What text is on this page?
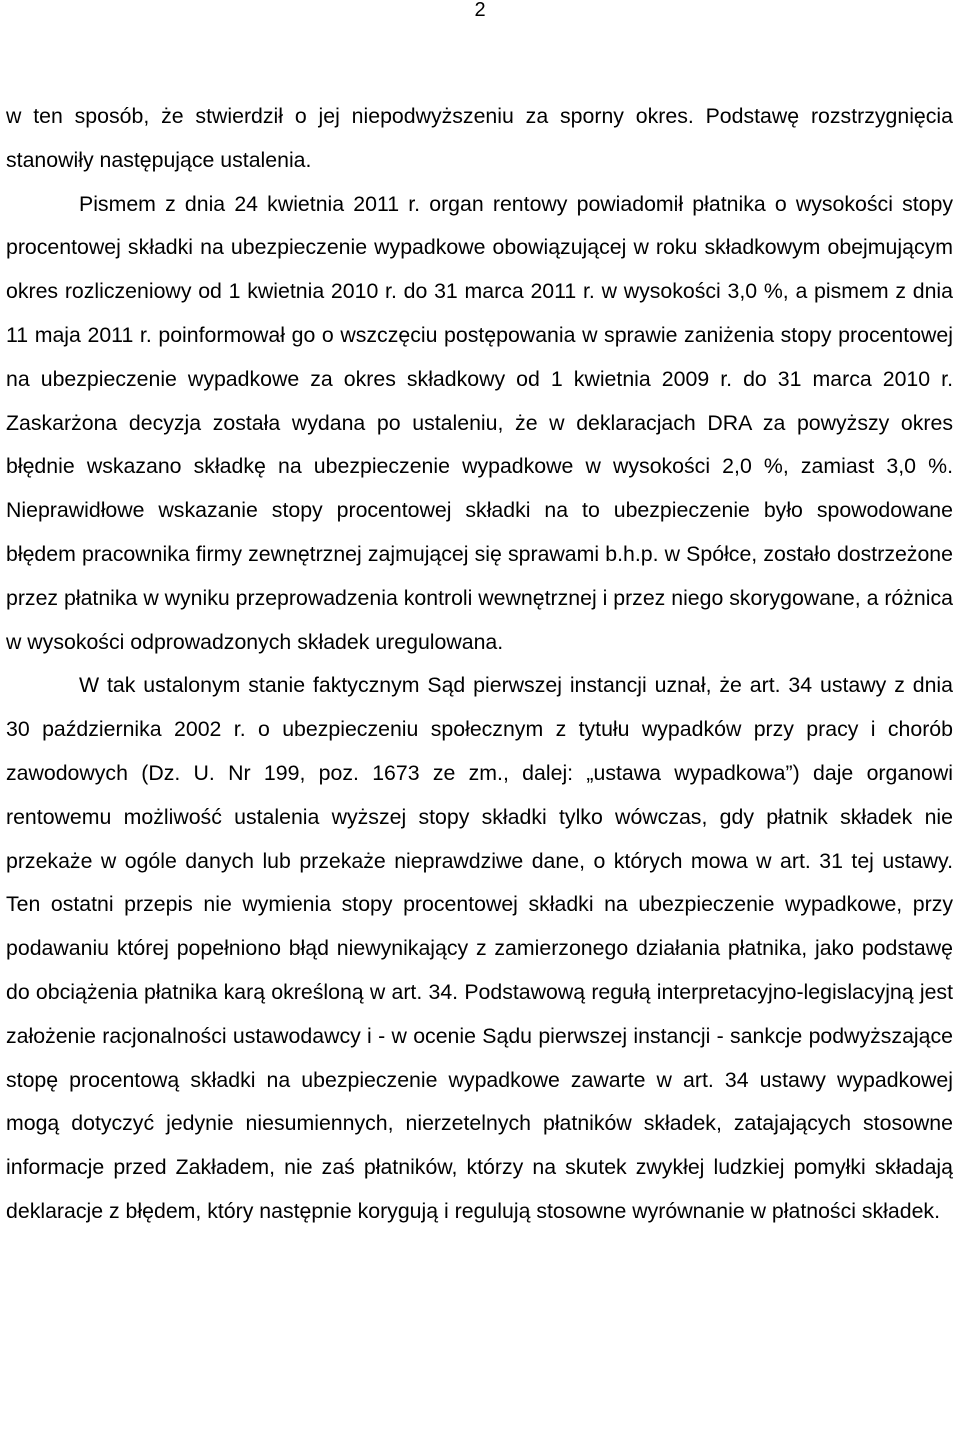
2

w ten sposób, że stwierdził o jej niepodwyższeniu za sporny okres. Podstawę rozstrzygnięcia stanowiły następujące ustalenia.

Pismem z dnia 24 kwietnia 2011 r. organ rentowy powiadomił płatnika o wysokości stopy procentowej składki na ubezpieczenie wypadkowe obowiązującej w roku składkowym obejmującym okres rozliczeniowy od 1 kwietnia 2010 r. do 31 marca 2011 r. w wysokości 3,0 %, a pismem z dnia 11 maja 2011 r. poinformował go o wszczęciu postępowania w sprawie zaniżenia stopy procentowej na ubezpieczenie wypadkowe za okres składkowy od 1 kwietnia 2009 r. do 31 marca 2010 r. Zaskarżona decyzja została wydana po ustaleniu, że w deklaracjach DRA za powyższy okres błędnie wskazano składkę na ubezpieczenie wypadkowe w wysokości 2,0 %, zamiast 3,0 %. Nieprawidłowe wskazanie stopy procentowej składki na to ubezpieczenie było spowodowane błędem pracownika firmy zewnętrznej zajmującej się sprawami b.h.p. w Spółce, zostało dostrzeżone przez płatnika w wyniku przeprowadzenia kontroli wewnętrznej i przez niego skorygowane, a różnica w wysokości odprowadzonych składek uregulowana.

W tak ustalonym stanie faktycznym Sąd pierwszej instancji uznał, że art. 34 ustawy z dnia 30 października 2002 r. o ubezpieczeniu społecznym z tytułu wypadków przy pracy i chorób zawodowych (Dz. U. Nr 199, poz. 1673 ze zm., dalej: „ustawa wypadkowa”) daje organowi rentowemu możliwość ustalenia wyższej stopy składki tylko wówczas, gdy płatnik składek nie przekaże w ogóle danych lub przekaże nieprawdziwe dane, o których mowa w art. 31 tej ustawy. Ten ostatni przepis nie wymienia stopy procentowej składki na ubezpieczenie wypadkowe, przy podawaniu której popełniono błąd niewynikający z zamierzonego działania płatnika, jako podstawę do obciążenia płatnika karą określoną w art. 34. Podstawową regułą interpretacyjno-legislacyjną jest założenie racjonalności ustawodawcy i - w ocenie Sądu pierwszej instancji - sankcje podwyższające stopę procentową składki na ubezpieczenie wypadkowe zawarte w art. 34 ustawy wypadkowej mogą dotyczyć jedynie niesumiennych, nierzetelnych płatników składek, zatajających stosowne informacje przed Zakładem, nie zaś płatników, którzy na skutek zwykłej ludzkiej pomyłki składają deklaracje z błędem, który następnie korygują i regulują stosowne wyrównanie w płatności składek.
